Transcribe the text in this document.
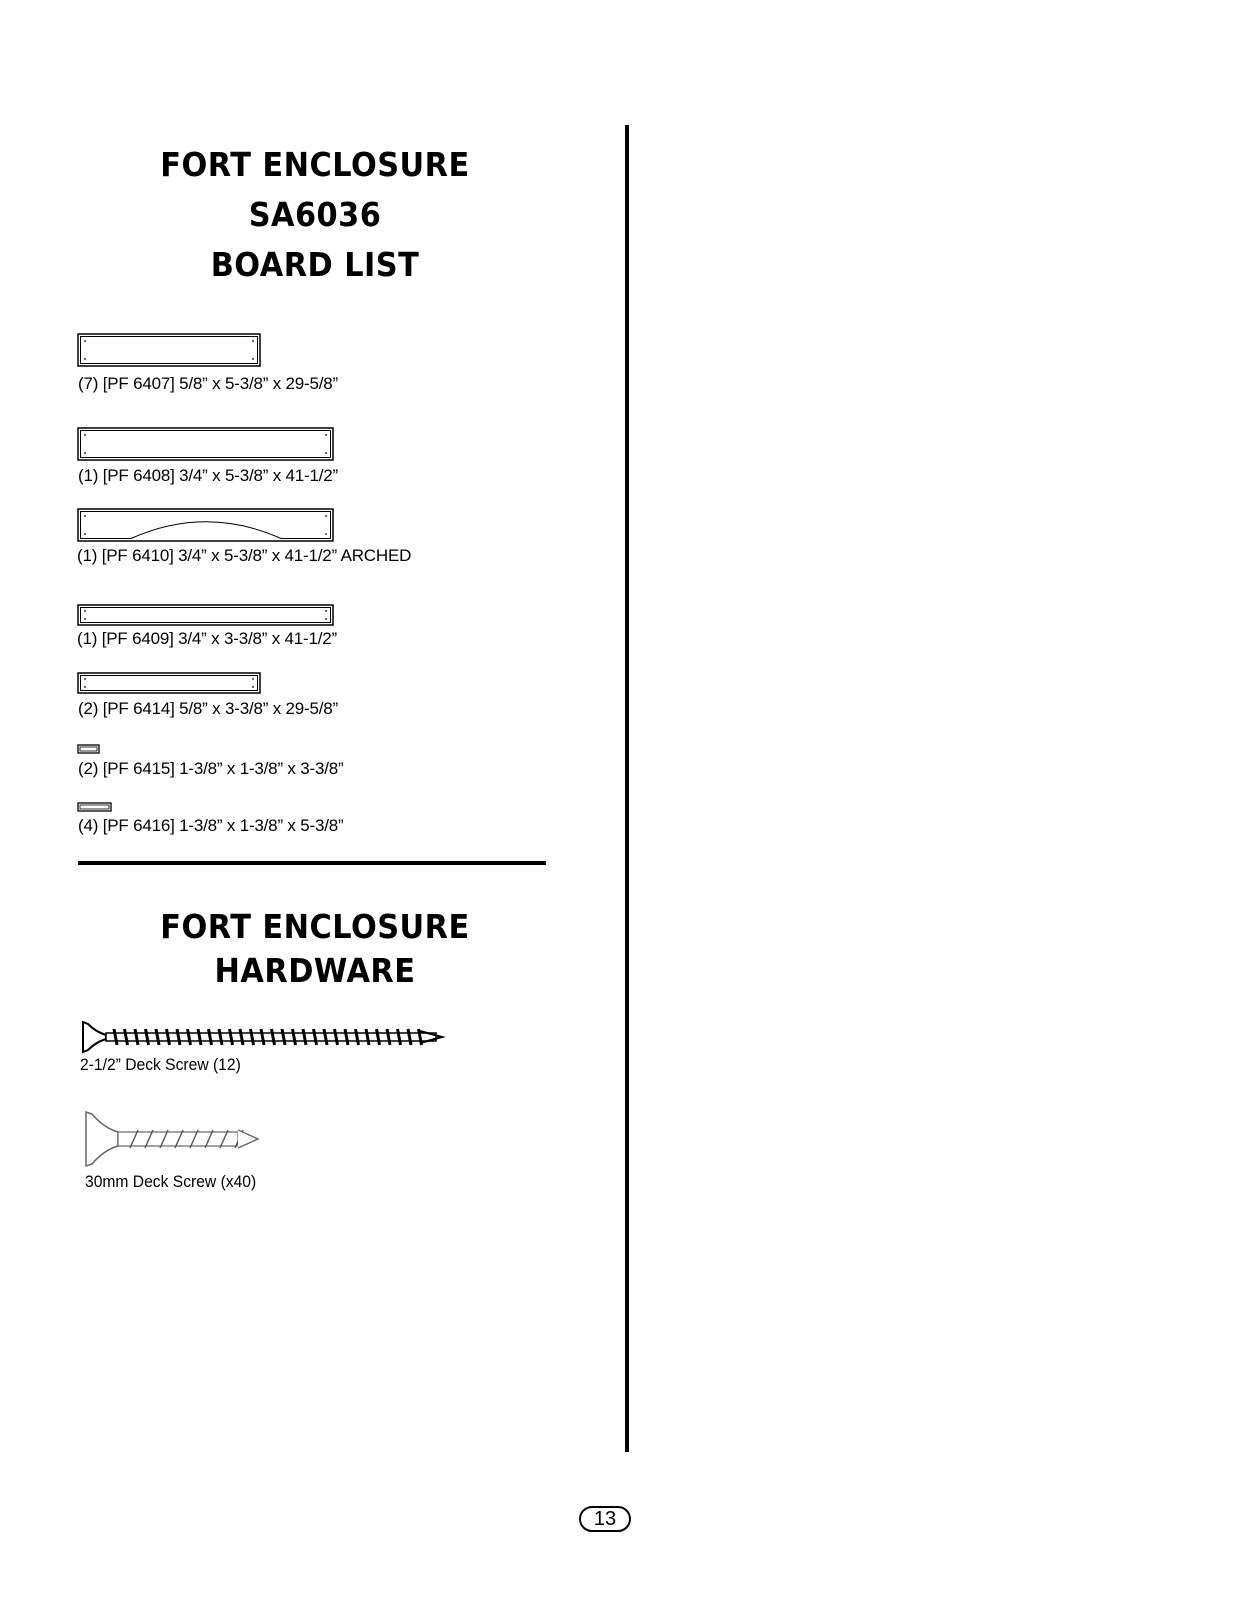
FORT ENCLOSURE
SA6036
BOARD LIST
(7) [PF 6407] 5/8” x 5-3/8” x 29-5/8”
(1) [PF 6408] 3/4” x 5-3/8” x 41-1/2”
(1) [PF 6410] 3/4” x 5-3/8” x 41-1/2” ARCHED
(1) [PF 6409] 3/4” x 3-3/8” x 41-1/2”
(2) [PF 6414] 5/8” x 3-3/8” x 29-5/8”
(2) [PF 6415] 1-3/8” x 1-3/8” x 3-3/8”
(4) [PF 6416] 1-3/8” x 1-3/8” x 5-3/8”
FORT ENCLOSURE
HARDWARE
2-1/2” Deck Screw (12)
30mm Deck Screw (x40)
13
